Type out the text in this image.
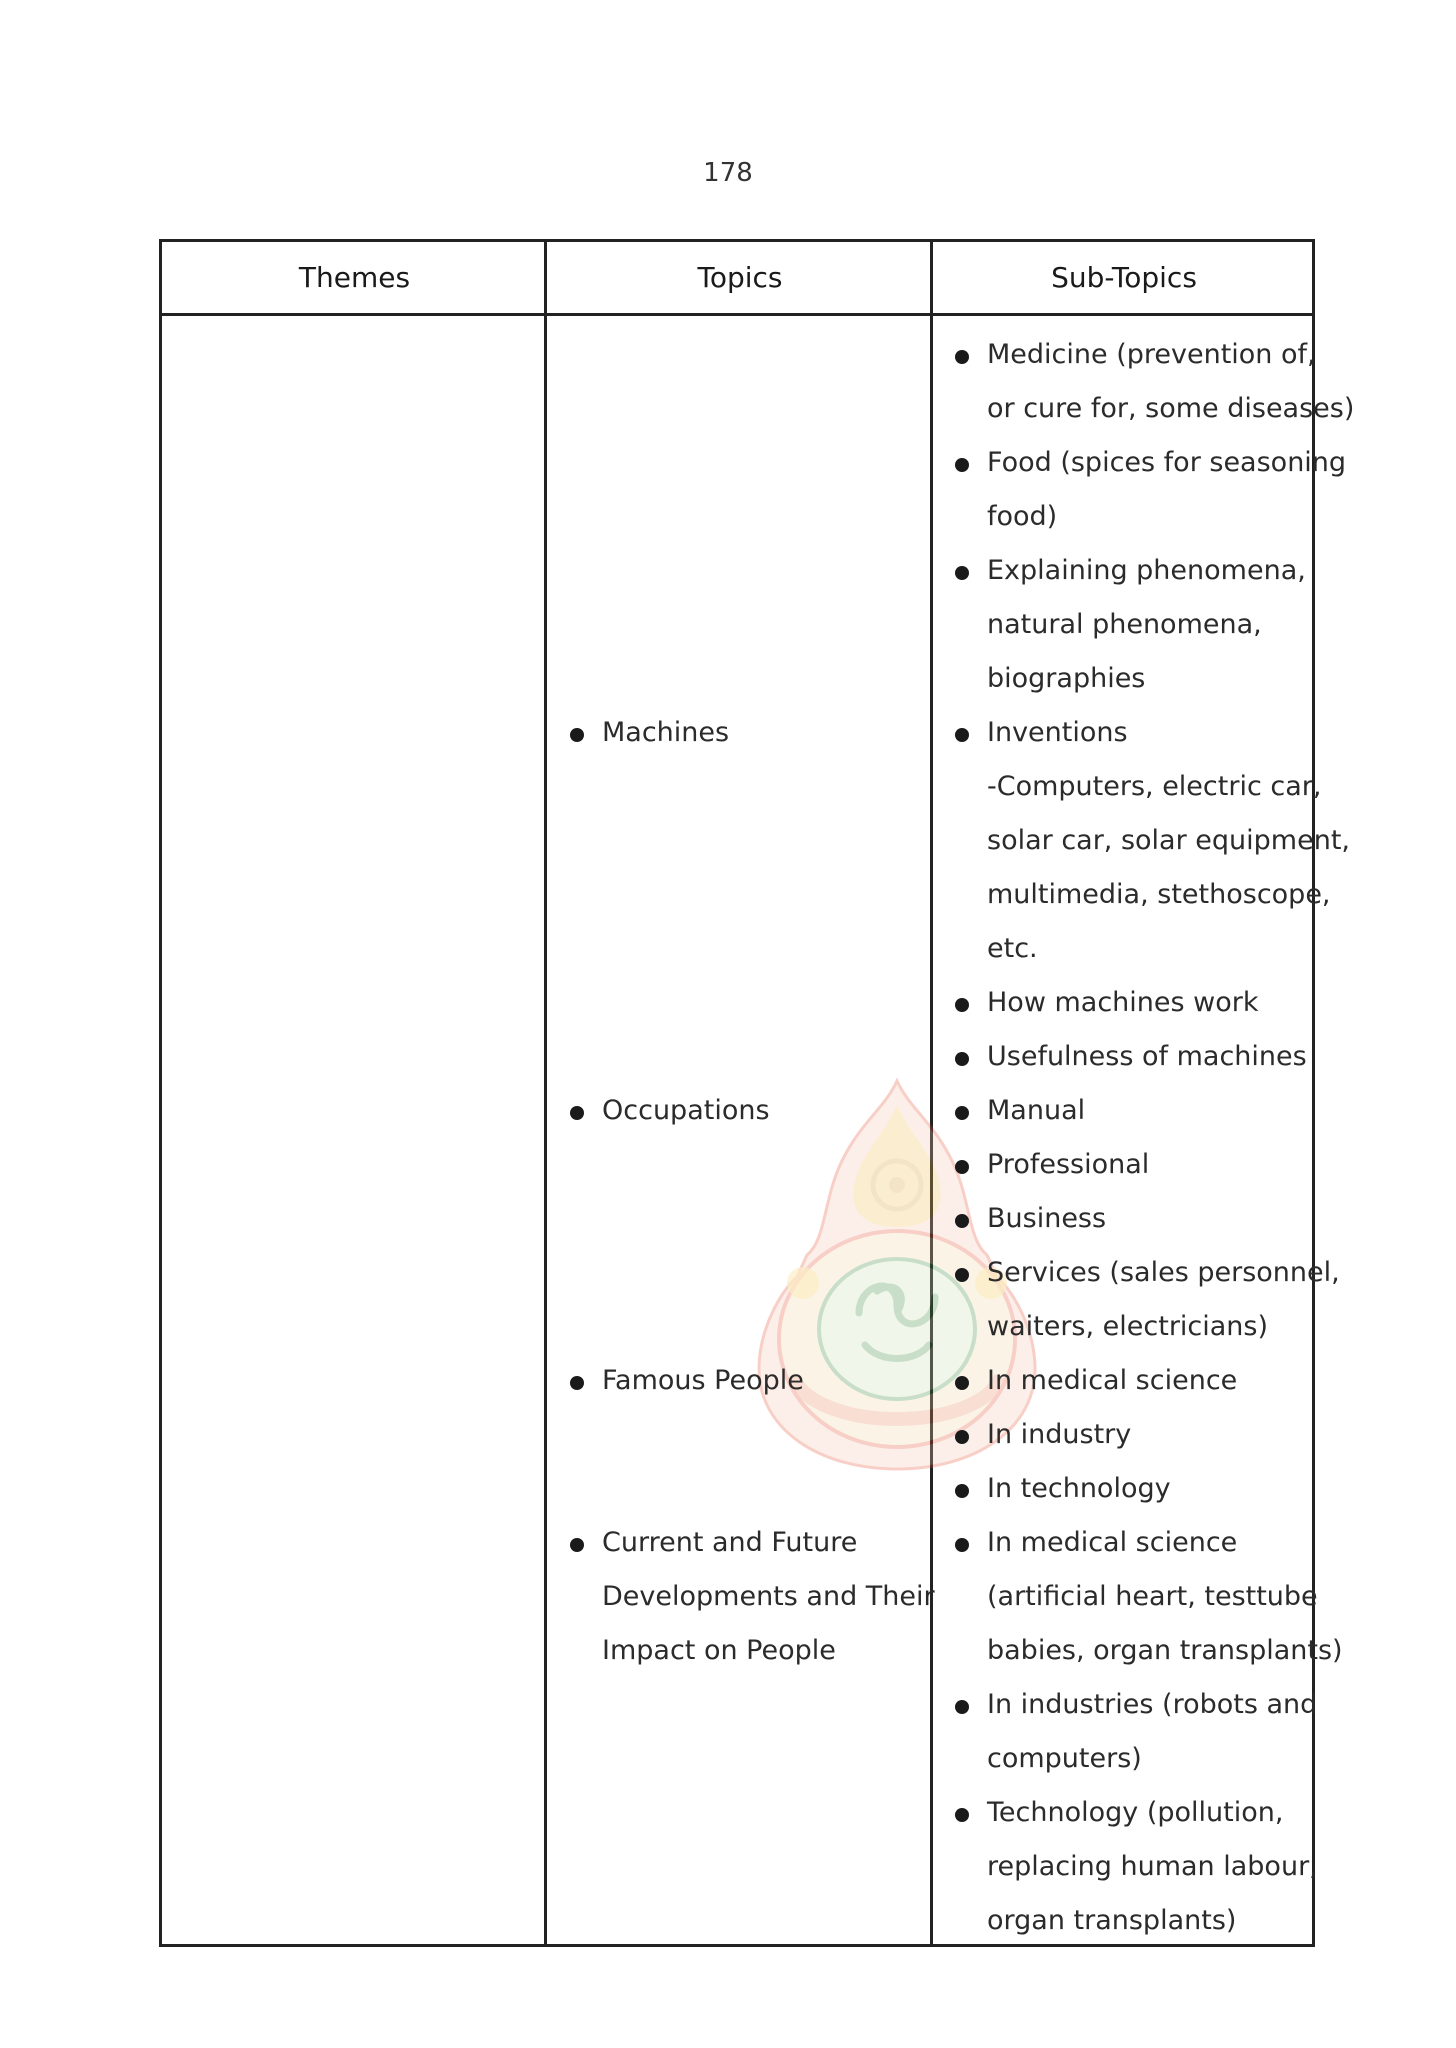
178
Themes	Topics	Sub-Topics
Machines
Occupations
Famous People
Current and Future
Developments and Their
Impact on People
Medicine (prevention of,
or cure for, some diseases)
Food (spices for seasoning
food)
Explaining phenomena,
natural phenomena,
biographies
Inventions
-Computers, electric car,
solar car, solar equipment,
multimedia, stethoscope,
etc.
How machines work
Usefulness of machines
Manual
Professional
Business
Services (sales personnel,
waiters, electricians)
In medical science
In industry
In technology
In medical science
(artificial heart, testtube
babies, organ transplants)
In industries (robots and
computers)
Technology (pollution,
replacing human labour,
organ transplants)
